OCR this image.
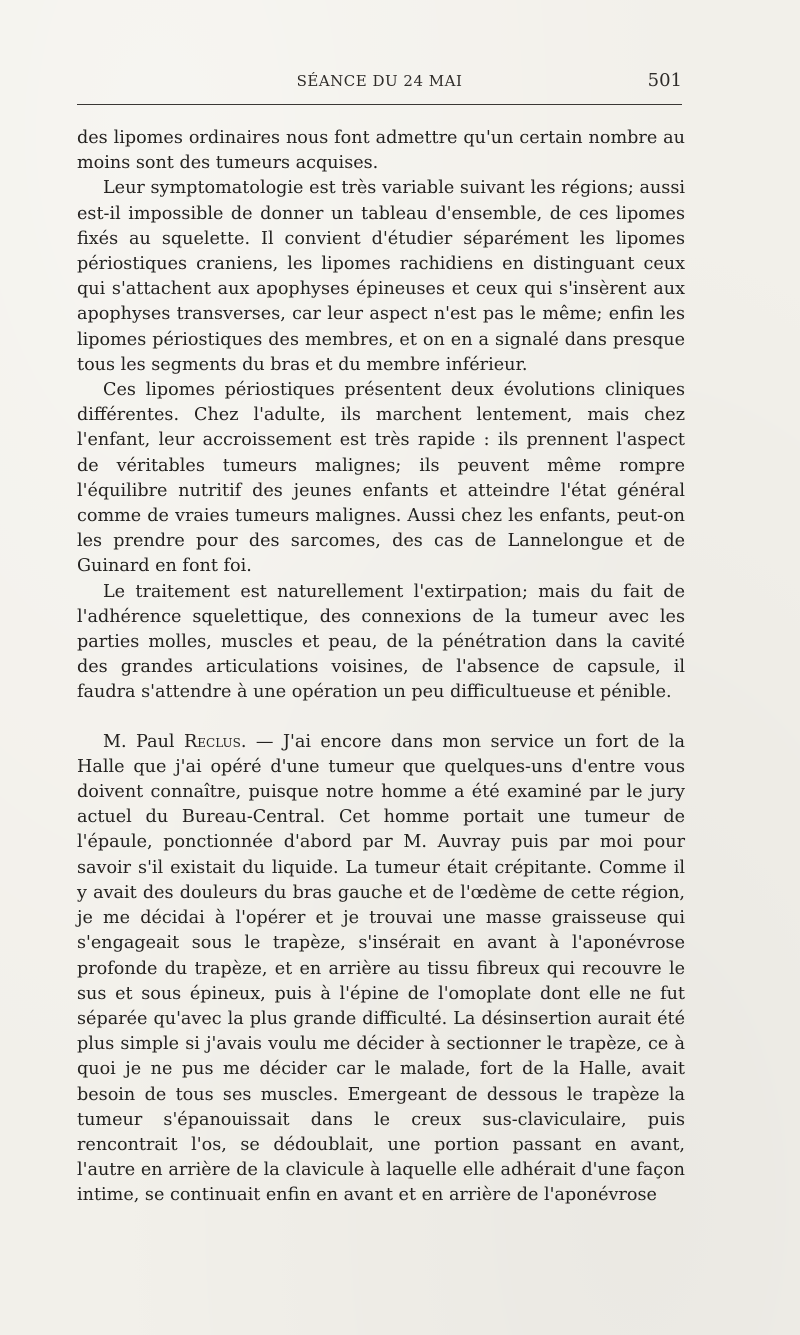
SÉANCE DU 24 MAI	501

des lipomes ordinaires nous font admettre qu'un certain nombre au moins sont des tumeurs acquises.

Leur symptomatologie est très variable suivant les régions; aussi est-il impossible de donner un tableau d'ensemble, de ces lipomes fixés au squelette. Il convient d'étudier séparément les lipomes périostiques craniens, les lipomes rachidiens en distinguant ceux qui s'attachent aux apophyses épineuses et ceux qui s'insèrent aux apophyses transverses, car leur aspect n'est pas le même; enfin les lipomes périostiques des membres, et on en a signalé dans presque tous les segments du bras et du membre inférieur.

Ces lipomes périostiques présentent deux évolutions cliniques différentes. Chez l'adulte, ils marchent lentement, mais chez l'enfant, leur accroissement est très rapide : ils prennent l'aspect de véritables tumeurs malignes; ils peuvent même rompre l'équilibre nutritif des jeunes enfants et atteindre l'état général comme de vraies tumeurs malignes. Aussi chez les enfants, peut-on les prendre pour des sarcomes, des cas de Lannelongue et de Guinard en font foi.

Le traitement est naturellement l'extirpation; mais du fait de l'adhérence squelettique, des connexions de la tumeur avec les parties molles, muscles et peau, de la pénétration dans la cavité des grandes articulations voisines, de l'absence de capsule, il faudra s'attendre à une opération un peu difficultueuse et pénible.

M. Paul Reclus. — J'ai encore dans mon service un fort de la Halle que j'ai opéré d'une tumeur que quelques-uns d'entre vous doivent connaître, puisque notre homme a été examiné par le jury actuel du Bureau-Central. Cet homme portait une tumeur de l'épaule, ponctionnée d'abord par M. Auvray puis par moi pour savoir s'il existait du liquide. La tumeur était crépitante. Comme il y avait des douleurs du bras gauche et de l'œdème de cette région, je me décidai à l'opérer et je trouvai une masse graisseuse qui s'engageait sous le trapèze, s'insérait en avant à l'aponévrose profonde du trapèze, et en arrière au tissu fibreux qui recouvre le sus et sous épineux, puis à l'épine de l'omoplate dont elle ne fut séparée qu'avec la plus grande difficulté. La désinsertion aurait été plus simple si j'avais voulu me décider à sectionner le trapèze, ce à quoi je ne pus me décider car le malade, fort de la Halle, avait besoin de tous ses muscles. Emergeant de dessous le trapèze la tumeur s'épanouissait dans le creux sus-claviculaire, puis rencontrait l'os, se dédoublait, une portion passant en avant, l'autre en arrière de la clavicule à laquelle elle adhérait d'une façon intime, se continuait enfin en avant et en arrière de l'aponévrose
